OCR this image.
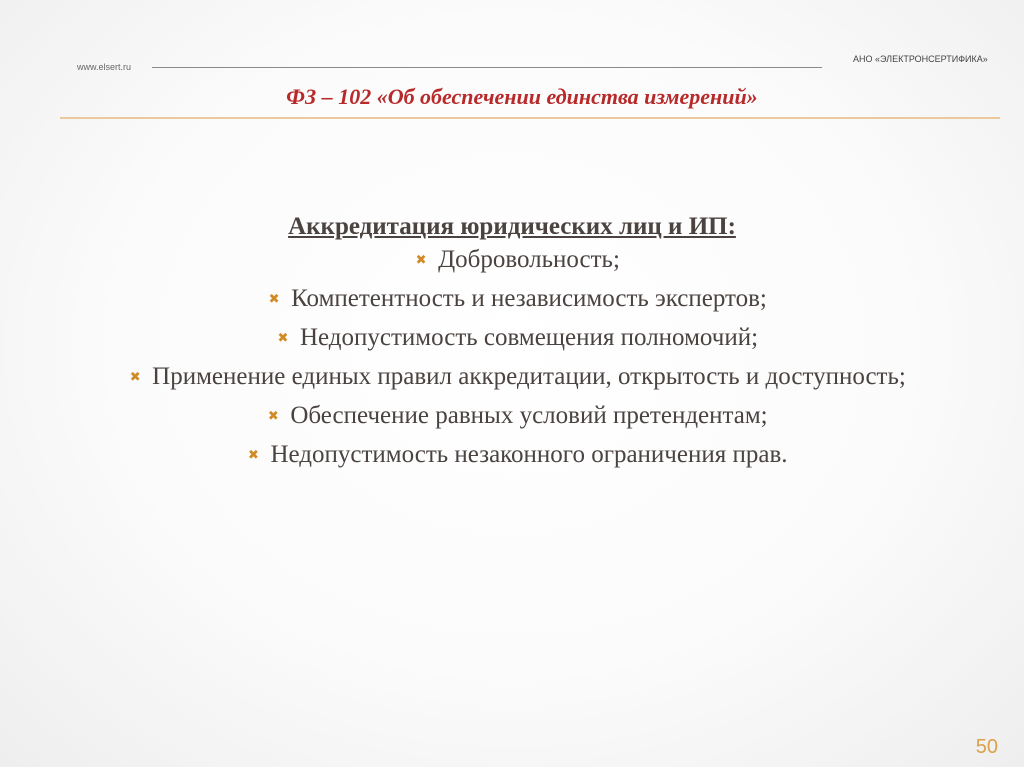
www.elsert.ru
АНО «ЭЛЕКТРОНСЕРТИФИКА»
ФЗ – 102 «Об обеспечении единства измерений»

Аккредитация юридических лиц и ИП:

✖ Добровольность;
✖ Компетентность и независимость экспертов;
✖ Недопустимость совмещения полномочий;
✖ Применение единых правил аккредитации, открытость и доступность;
✖ Обеспечение равных условий претендентам;
✖ Недопустимость незаконного ограничения прав.
50
